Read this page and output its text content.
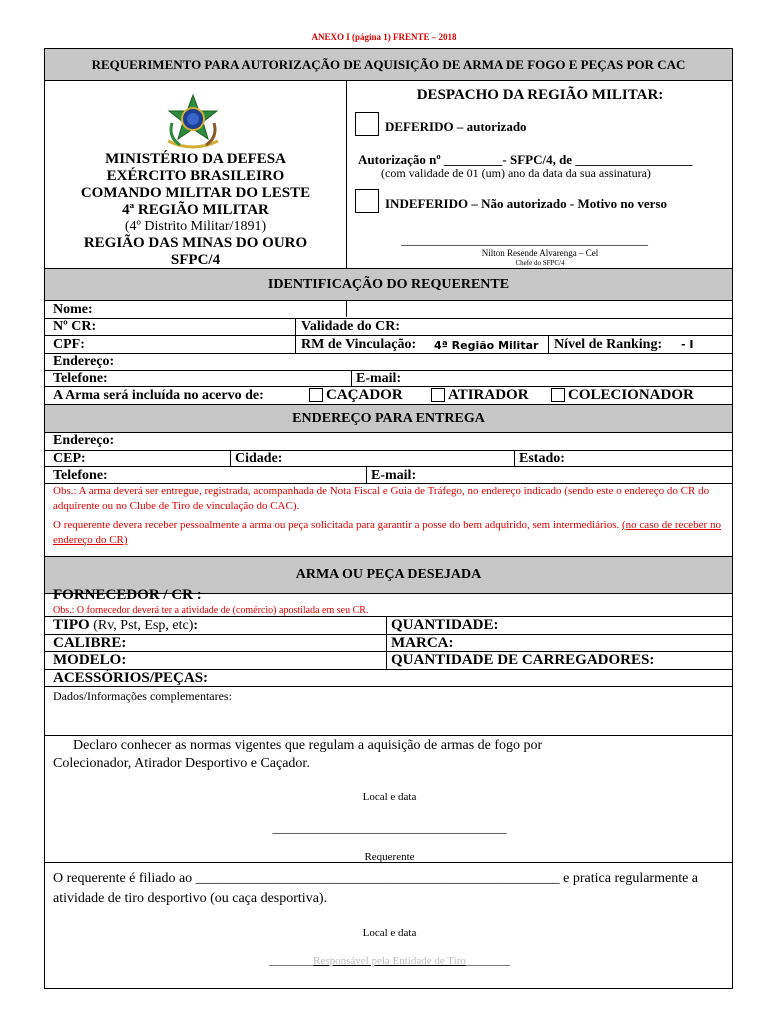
ANEXO I (página 1) FRENTE – 2018
REQUERIMENTO PARA AUTORIZAÇÃO DE AQUISIÇÃO DE ARMA DE FOGO E PEÇAS POR CAC
MINISTÉRIO DA DEFESA
EXÉRCITO BRASILEIRO
COMANDO MILITAR DO LESTE
4ª REGIÃO MILITAR
(4º Distrito Militar/1891)
REGIÃO DAS MINAS DO OURO
SFPC/4
DESPACHO DA REGIÃO MILITAR:
DEFERIDO – autorizado
Autorização nº _________- SFPC/4, de __________________
(com validade de 01 (um) ano da data da sua assinatura)
INDEFERIDO – Não autorizado - Motivo no verso
______________________________________
Nilton Resende Alvarenga – Cel
Chefe do SFPC/4
IDENTIFICAÇÃO DO REQUERENTE
Nome:
Nº CR:	Validade do CR:
CPF:	RM de Vinculação: 4ª Região Militar Nível de Ranking: - I
Endereço:
Telefone:	E-mail:
A Arma será incluída no acervo de:	CAÇADOR	ATIRADOR	COLECIONADOR
ENDEREÇO PARA ENTREGA
Endereço:
CEP:	Cidade:	Estado:
Telefone:	E-mail:
Obs.: A arma deverá ser entregue, registrada, acompanhada de Nota Fiscal e Guia de Tráfego, no endereço indicado (sendo este o endereço do CR do adquirente ou no Clube de Tiro de vinculação do CAC).
O requerente devera receber pessoalmente a arma ou peça solicitada para garantir a posse do bem adquirido, sem intermediários. (no caso de receber no endereço do CR)
ARMA OU PEÇA DESEJADA
FORNECEDOR / CR :
Obs.: O fornecedor deverá ter a atividade de (comércio) apostilada em seu CR.
TIPO (Rv, Pst, Esp, etc):	QUANTIDADE:
CALIBRE:	MARCA:
MODELO:	QUANTIDADE DE CARREGADORES:
ACESSÓRIOS/PEÇAS:
Dados/Informações complementares:
Declaro conhecer as normas vigentes que regulam a aquisição de armas de fogo por
Colecionador, Atirador Desportivo e Caçador.
Local e data
____________________________________
Requerente
O requerente é filiado ao ____________________________________________________ e pratica regularmente a
atividade de tiro desportivo (ou caça desportiva).
Local e data
________Responsável pela Entidade de Tiro________
